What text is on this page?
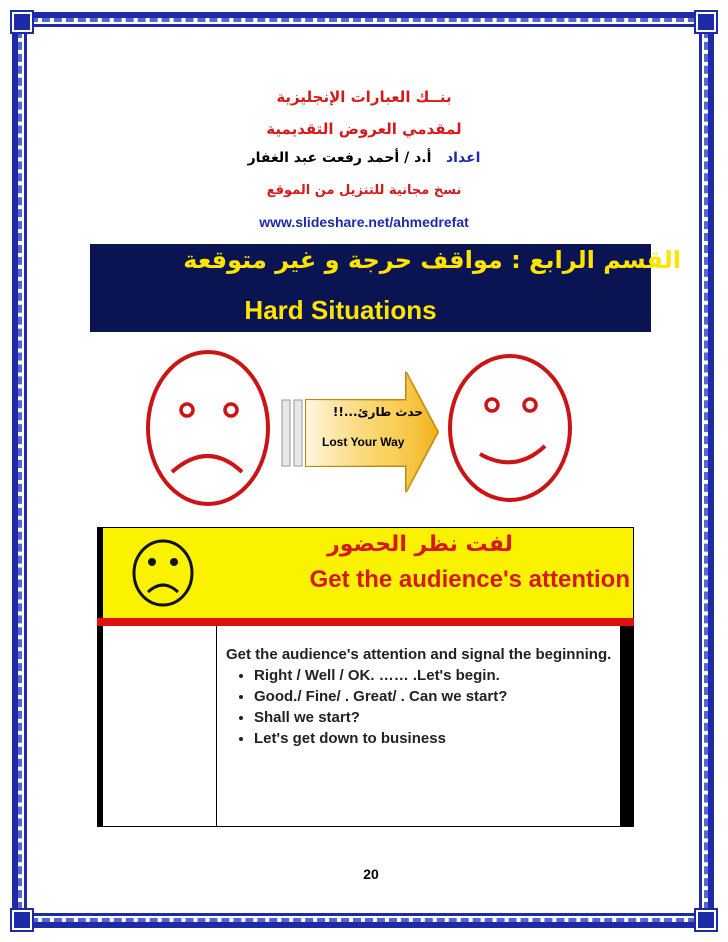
بنــك العبارات الإنجليزية
لمقدمي العروض التقديمية
اعداد   أ.د / أحمد رفعت عبد الغفار
نسخ مجانية للتنزيل من الموقع
www.slideshare.net/ahmedrefat
القسم الرابع : مواقف حرجة و غير متوقعة
Hard Situations
حدث طارئ...!!
Lost Your Way
لفت نظر الحضور
Get the audience's attention
Get the audience's attention and signal the beginning.
• Right / Well / OK. …… .Let's begin.
• Good./ Fine/ . Great/ . Can we start?
• Shall we start?
• Let's get down to business
20
